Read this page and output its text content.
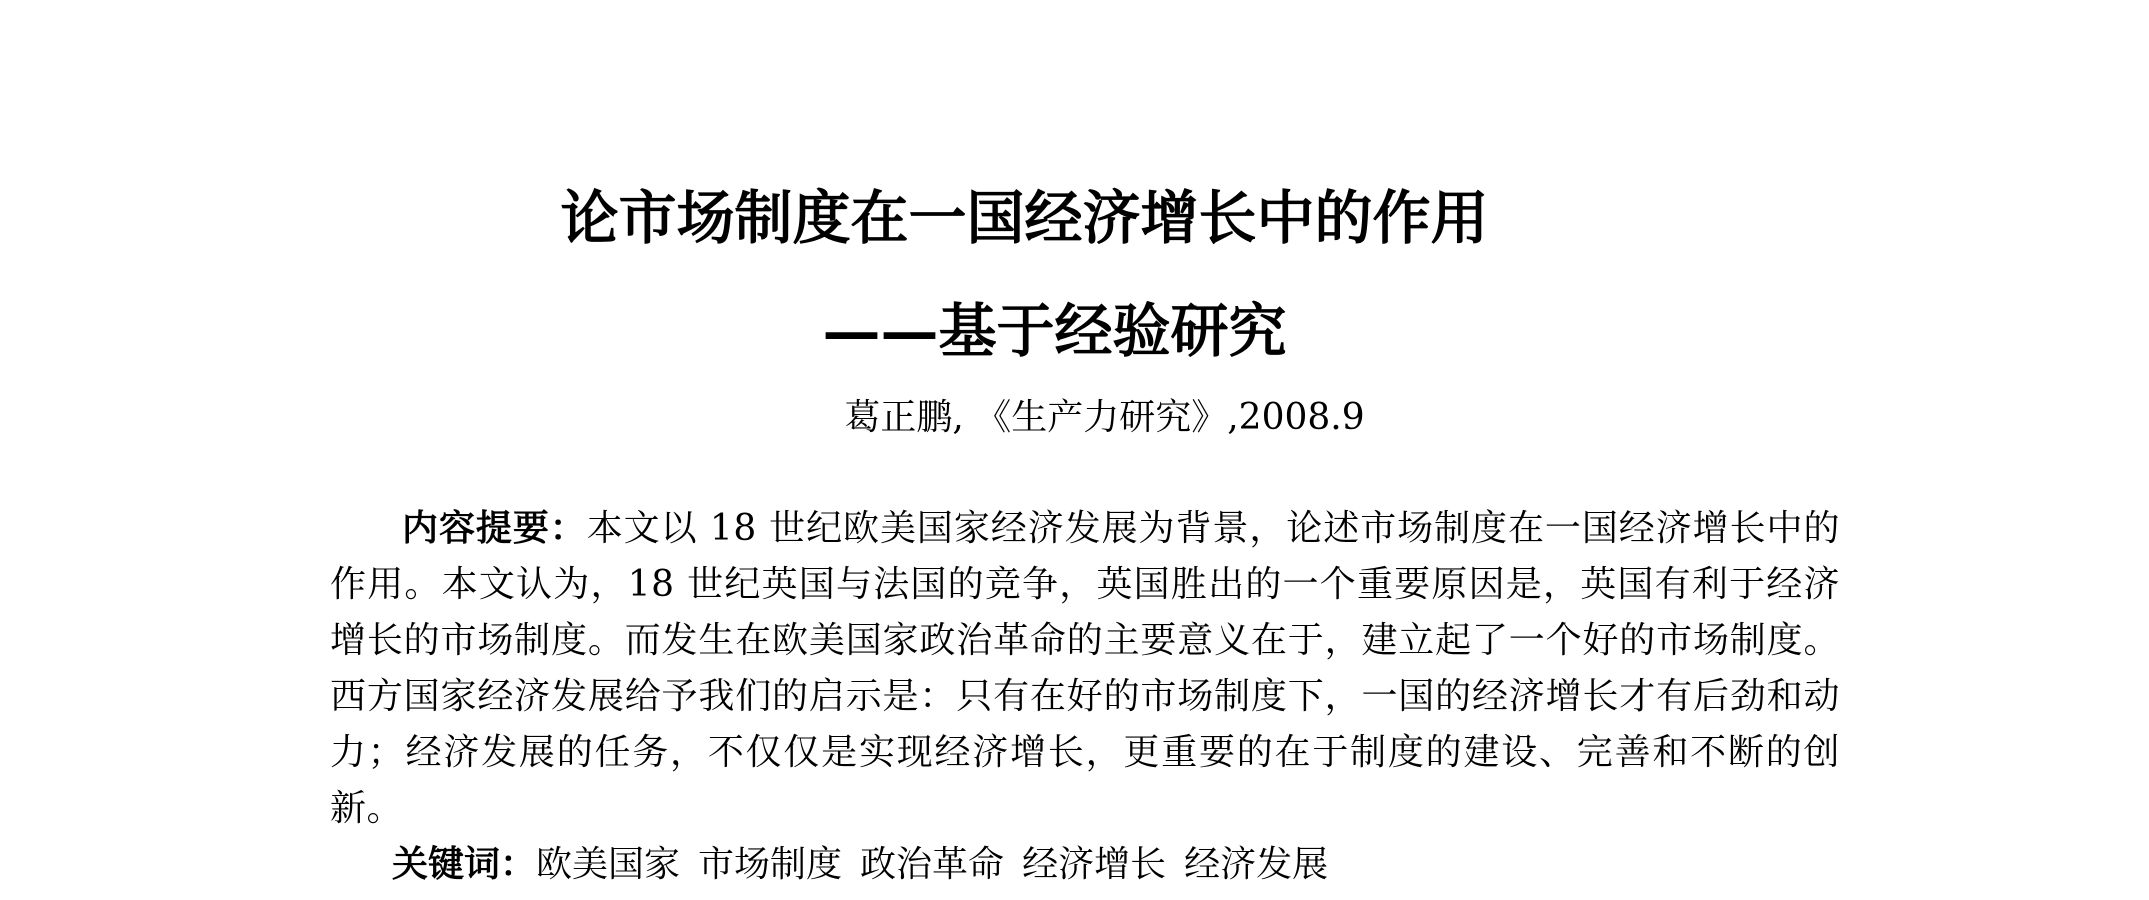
论市场制度在一国经济增长中的作用
——基于经验研究
葛正鹏, 《生产力研究》,2008.9
内容提要：本文以 18 世纪欧美国家经济发展为背景，论述市场制度在一国经济增长中的作用。本文认为，18 世纪英国与法国的竞争，英国胜出的一个重要原因是，英国有利于经济增长的市场制度。而发生在欧美国家政治革命的主要意义在于，建立起了一个好的市场制度。西方国家经济发展给予我们的启示是：只有在好的市场制度下，一国的经济增长才有后劲和动力；经济发展的任务，不仅仅是实现经济增长，更重要的在于制度的建设、完善和不断的创新。
关键词：欧美国家 市场制度 政治革命 经济增长 经济发展
